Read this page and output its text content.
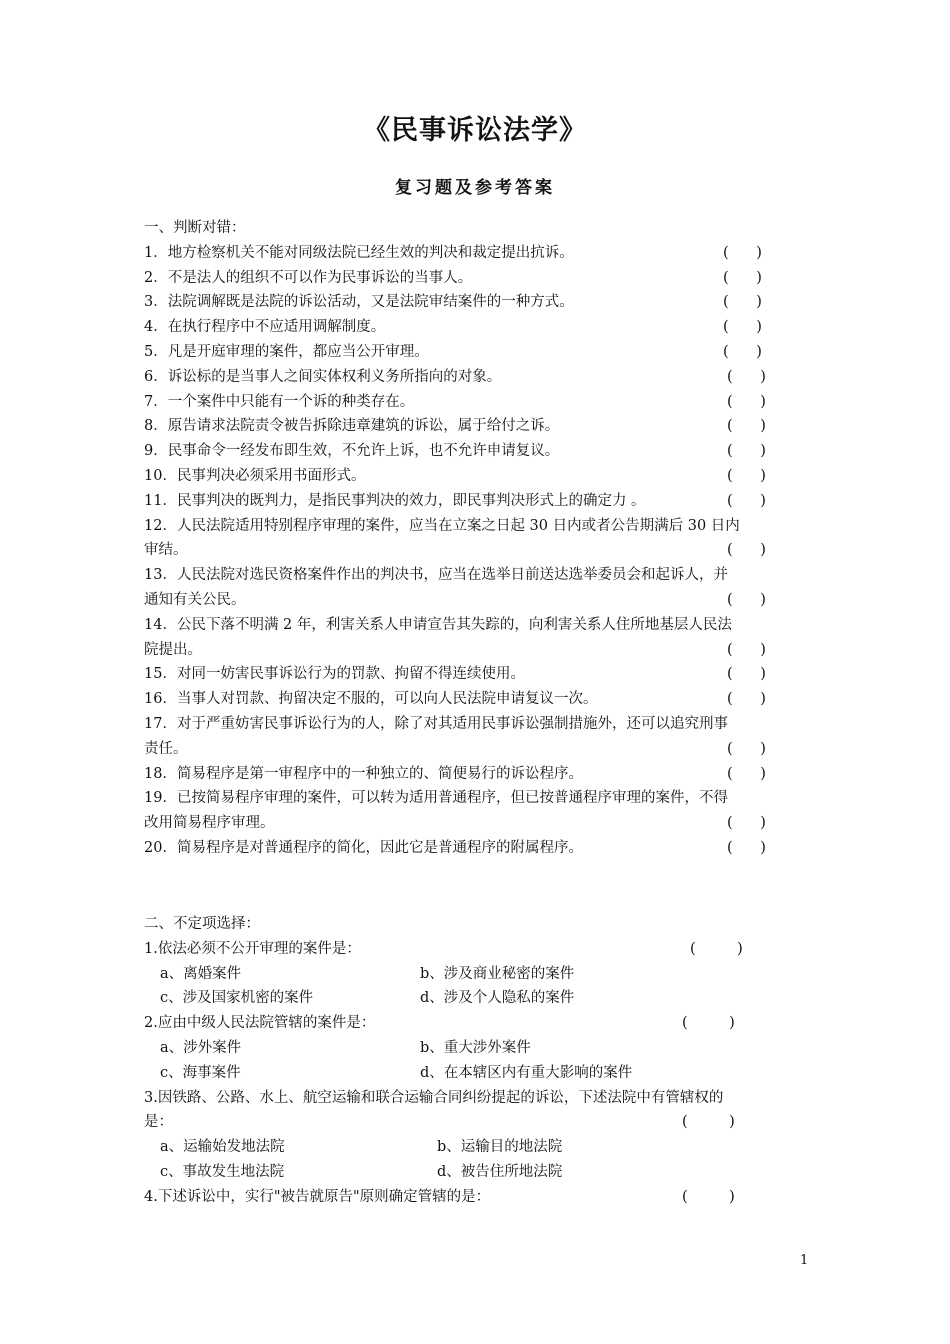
《民事诉讼法学》
复习题及参考答案
一、判断对错：
1．地方检察机关不能对同级法院已经生效的判决和裁定提出抗诉。	(      )
2．不是法人的组织不可以作为民事诉讼的当事人。	(      )
3．法院调解既是法院的诉讼活动，又是法院审结案件的一种方式。	(      )
4．在执行程序中不应适用调解制度。	(      )
5．凡是开庭审理的案件，都应当公开审理。	(      )
6．诉讼标的是当事人之间实体权利义务所指向的对象。	(      )
7．一个案件中只能有一个诉的种类存在。	(      )
8．原告请求法院责令被告拆除违章建筑的诉讼，属于给付之诉。	(      )
9．民事命令一经发布即生效，不允许上诉，也不允许申请复议。	(      )
10．民事判决必须采用书面形式。	(      )
11．民事判决的既判力，是指民事判决的效力，即民事判决形式上的确定力 。	(      )
12．人民法院适用特别程序审理的案件，应当在立案之日起 30 日内或者公告期满后 30 日内
审结。	(      )
13．人民法院对选民资格案件作出的判决书，应当在选举日前送达选举委员会和起诉人，并
通知有关公民。	(      )
14．公民下落不明满 2 年，利害关系人申请宣告其失踪的，向利害关系人住所地基层人民法
院提出。	(      )
15．对同一妨害民事诉讼行为的罚款、拘留不得连续使用。	(      )
16．当事人对罚款、拘留决定不服的，可以向人民法院申请复议一次。	(      )
17．对于严重妨害民事诉讼行为的人，除了对其适用民事诉讼强制措施外，还可以追究刑事
责任。	(      )
18．简易程序是第一审程序中的一种独立的、简便易行的诉讼程序。	(      )
19．已按简易程序审理的案件，可以转为适用普通程序，但已按普通程序审理的案件，不得
改用简易程序审理。	(      )
20．简易程序是对普通程序的简化，因此它是普通程序的附属程序。	(      )
二、不定项选择：
1.依法必须不公开审理的案件是：	(         )
a、离婚案件	b、涉及商业秘密的案件
c、涉及国家机密的案件	d、涉及个人隐私的案件
2.应由中级人民法院管辖的案件是：	(         )
a、涉外案件	b、重大涉外案件
c、海事案件	d、在本辖区内有重大影响的案件
3.因铁路、公路、水上、航空运输和联合运输合同纠纷提起的诉讼，下述法院中有管辖权的
是：	(         )
a、运输始发地法院	b、运输目的地法院
c、事故发生地法院	d、被告住所地法院
4.下述诉讼中，实行"被告就原告"原则确定管辖的是：	(         )
1
